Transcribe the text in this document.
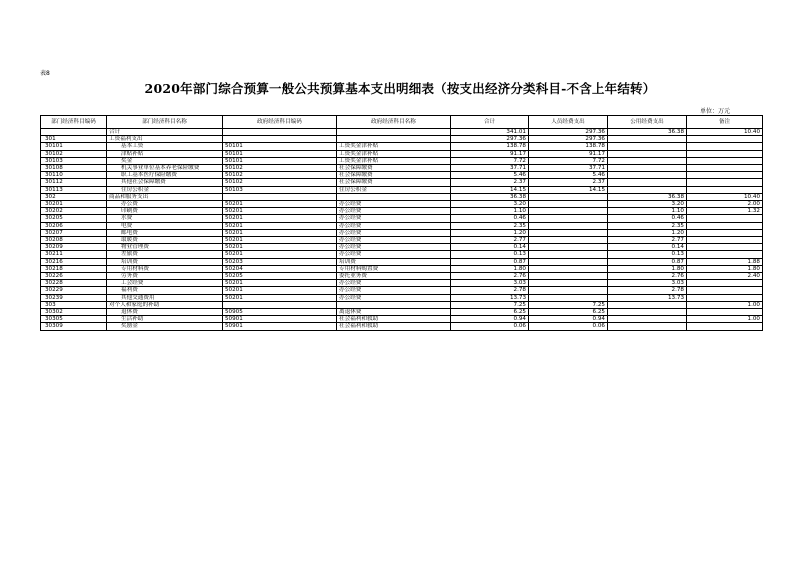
表8
2020年部门综合预算一般公共预算基本支出明细表（按支出经济分类科目-不含上年结转）
单位：万元
部门经济科目编码	部门经济科目名称	政府经济科目编码	政府经济科目名称	合计	人员经费支出	公用经费支出	备注
	合计			341.01	297.36	36.38	10.40
301	工资福利支出			297.36	297.36		
30101	基本工资	50101	工资奖金津补贴	138.78	138.78		
30102	津贴补贴	50101	工资奖金津补贴	91.17	91.17		
30103	奖金	50101	工资奖金津补贴	7.72	7.72		
30108	机关事业单位基本养老保险缴费	50102	社会保障缴费	37.71	37.71		
30110	职工基本医疗保险缴费	50102	社会保障缴费	5.46	5.46		
30112	其他社会保障缴费	50102	社会保障缴费	2.37	2.37		
30113	住房公积金	50103	住房公积金	14.15	14.15		
302	商品和服务支出			36.38		36.38	10.40
30201	办公费	50201	办公经费	3.20		3.20	2.00
30202	印刷费	50201	办公经费	1.10		1.10	1.32
30205	水费	50201	办公经费	0.46		0.46	
30206	电费	50201	办公经费	2.35		2.35	
30207	邮电费	50201	办公经费	1.20		1.20	
30208	取暖费	50201	办公经费	2.77		2.77	
30209	物业管理费	50201	办公经费	0.14		0.14	
30211	差旅费	50201	办公经费	0.13		0.13	
30216	培训费	50203	培训费	0.87		0.87	1.88
30218	专用材料费	50204	专用材料购置费	1.80		1.80	1.80
30226	劳务费	50205	委托业务费	2.76		2.76	2.40
30228	工会经费	50201	办公经费	3.03		3.03	
30229	福利费	50201	办公经费	2.78		2.78	
30239	其他交通费用	50201	办公经费	13.73		13.73	
303	对个人和家庭的补助			7.25	7.25		1.00
30302	退休费	50905	离退休费	6.25	6.25		
30305	生活补助	50901	社会福利和救助	0.94	0.94		1.00
30309	奖励金	50901	社会福利和救助	0.06	0.06		
